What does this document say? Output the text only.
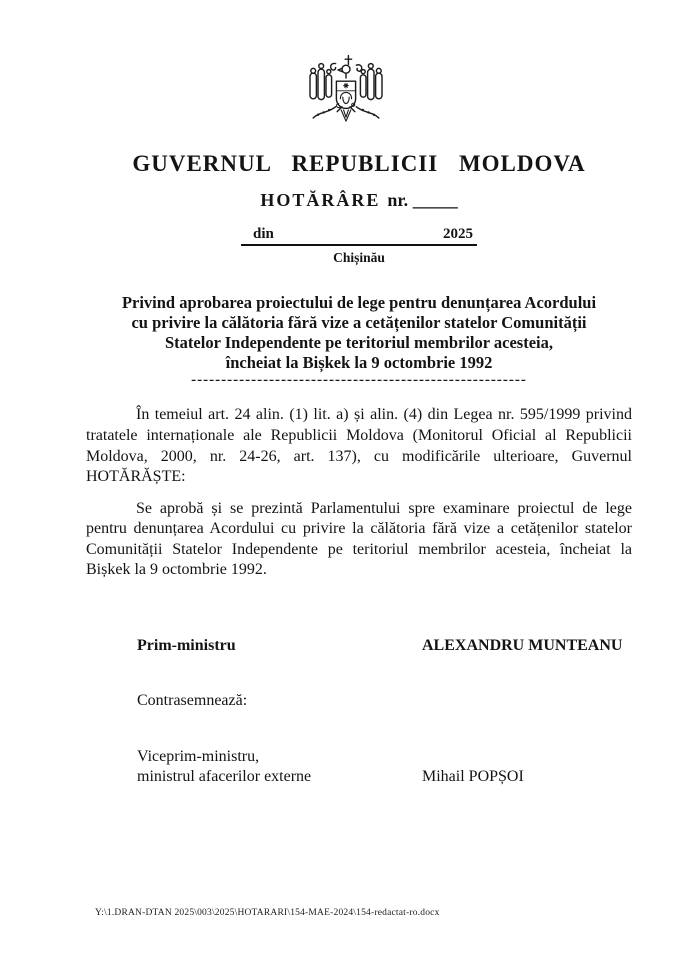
GUVERNUL REPUBLICII MOLDOVA
HOTĂRÂRE nr. _____
din	2025
Chișinău
Privind aprobarea proiectului de lege pentru denunțarea Acordului
cu privire la călătoria fără vize a cetățenilor statelor Comunității
Statelor Independente pe teritoriul membrilor acesteia,
încheiat la Bișkek la 9 octombrie 1992
--------------------------------------------------------
În temeiul art. 24 alin. (1) lit. a) și alin. (4) din Legea nr. 595/1999 privind
tratatele internaționale ale Republicii Moldova (Monitorul Oficial al Republicii
Moldova, 2000, nr. 24-26, art. 137), cu modificările ulterioare, Guvernul
HOTĂRĂȘTE:
Se aprobă și se prezintă Parlamentului spre examinare proiectul de lege
pentru denunțarea Acordului cu privire la călătoria fără vize a cetățenilor statelor
Comunității Statelor Independente pe teritoriul membrilor acesteia, încheiat la
Bișkek la 9 octombrie 1992.
Prim-ministru	ALEXANDRU MUNTEANU
Contrasemnează:
Viceprim-ministru,
ministrul afacerilor externe	Mihail POPȘOI
Y:\1.DRAN-DTAN 2025\003\2025\HOTARARI\154-MAE-2024\154-redactat-ro.docx
